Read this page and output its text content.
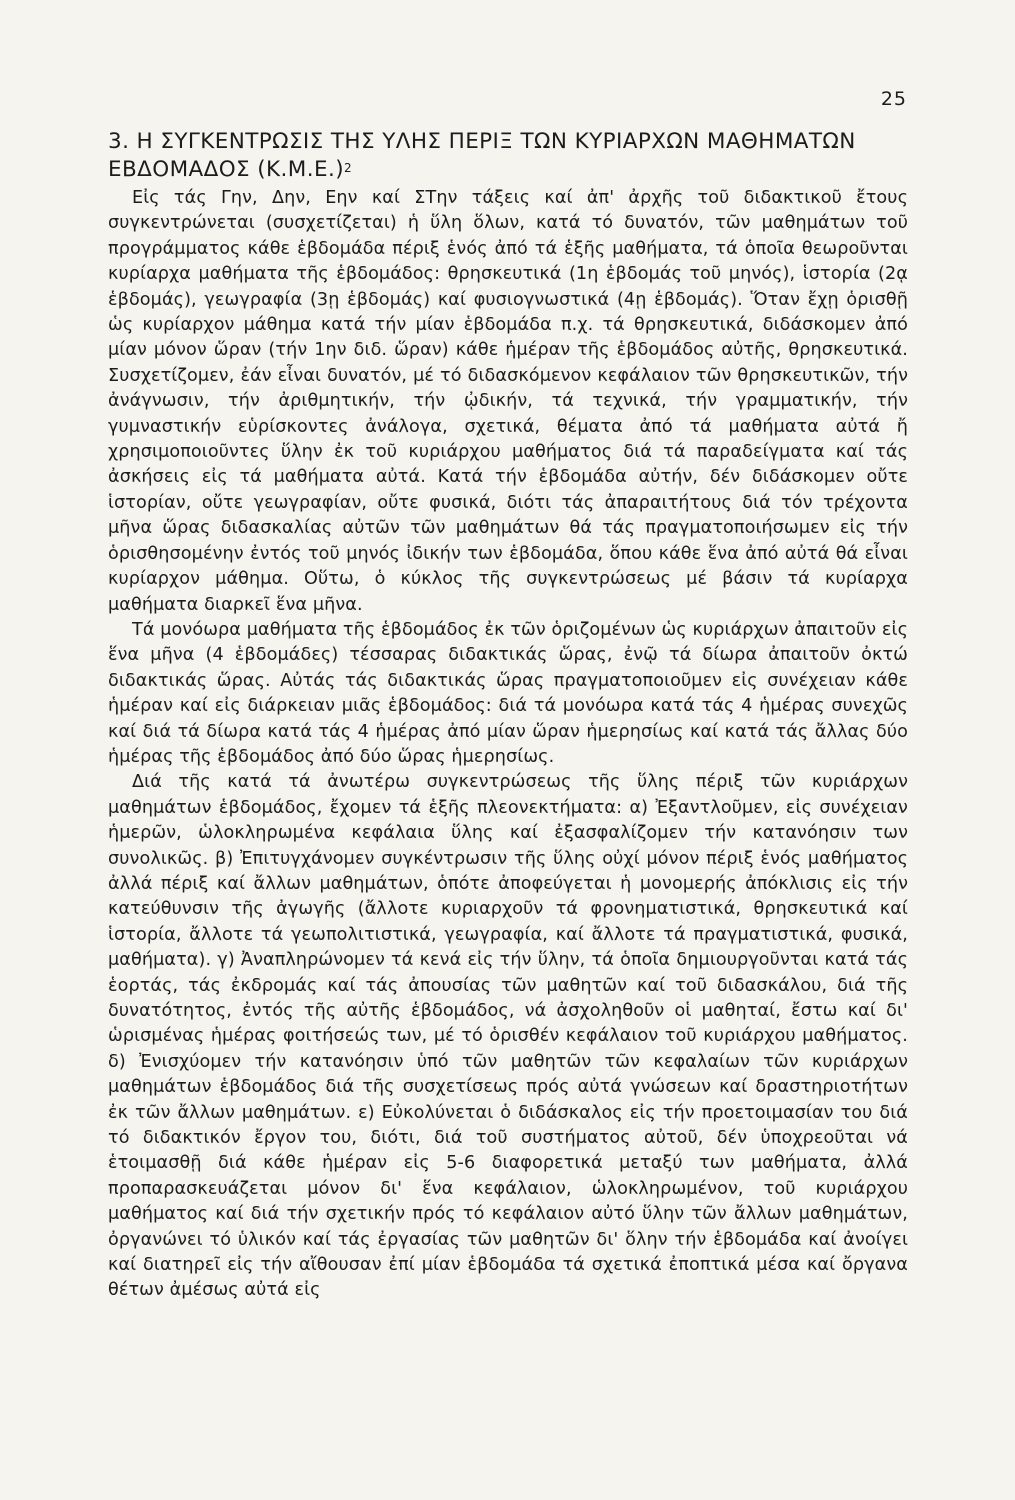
25
3. Η ΣΥΓΚΕΝΤΡΩΣΙΣ ΤΗΣ ΥΛΗΣ ΠΕΡΙΞ ΤΩΝ ΚΥΡΙΑΡΧΩΝ ΜΑΘΗΜΑΤΩΝ ΕΒΔΟΜΑΔΟΣ $(K.M.E.)^2$

Εἰς τάς Γην, Δην, Εην καί ΣΤην τάξεις καί ἀπ' ἀρχῆς τοῦ διδακτικοῦ ἔτους συγκεντρώνεται (συσχετίζεται) ἡ ὕλη ὅλων, κατά τό δυνατόν, τῶν μαθημάτων τοῦ προγράμματος κάθε ἑβδομάδα πέριξ ἑνός ἀπό τά ἑξῆς μαθήματα, τά ὁποῖα θεωροῦνται κυρίαρχα μαθήματα τῆς ἑβδομάδος: θρησκευτικά (1η ἑβδομάς τοῦ μηνός), ἱστορία (2ᾳ ἑβδομάς), γεωγραφία (3ῃ ἑβδομάς) καί φυσιογνωστικά (4ῃ ἑβδομάς). Ὅταν ἔχῃ ὁρισθῇ ὡς κυρίαρχον μάθημα κατά τήν μίαν ἑβδομάδα π.χ. τά θρησκευτικά, διδάσκομεν ἀπό μίαν μόνον ὥραν (τήν 1ην διδ. ὥραν) κάθε ἡμέραν τῆς ἑβδομάδος αὐτῆς, θρησκευτικά. Συσχετίζομεν, ἐάν εἶναι δυνατόν, μέ τό διδασκόμενον κεφάλαιον τῶν θρησκευτικῶν, τήν ἀνάγνωσιν, τήν ἀριθμητικήν, τήν ᾠδικήν, τά τεχνικά, τήν γραμματικήν, τήν γυμναστικήν εὑρίσκοντες ἀνάλογα, σχετικά, θέματα ἀπό τά μαθήματα αὐτά ἤ χρησιμοποιοῦντες ὕλην ἐκ τοῦ κυριάρχου μαθήματος διά τά παραδείγματα καί τάς ἀσκήσεις εἰς τά μαθήματα αὐτά. Κατά τήν ἑβδομάδα αὐτήν, δέν διδάσκομεν οὔτε ἱστορίαν, οὔτε γεωγραφίαν, οὔτε φυσικά, διότι τάς ἀπαραιτήτους διά τόν τρέχοντα μῆνα ὥρας διδασκαλίας αὐτῶν τῶν μαθημάτων θά τάς πραγματοποιήσωμεν εἰς τήν ὁρισθησομένην ἐντός τοῦ μηνός ἰδικήν των ἑβδομάδα, ὅπου κάθε ἕνα ἀπό αὐτά θά εἶναι κυρίαρχον μάθημα. Οὕτω, ὁ κύκλος τῆς συγκεντρώσεως μέ βάσιν τά κυρίαρχα μαθήματα διαρκεῖ ἕνα μῆνα.

Τά μονόωρα μαθήματα τῆς ἑβδομάδος ἐκ τῶν ὁριζομένων ὡς κυριάρχων ἀπαιτοῦν εἰς ἕνα μῆνα (4 ἑβδομάδες) τέσσαρας διδακτικάς ὥρας, ἐνῷ τά δίωρα ἀπαιτοῦν ὀκτώ διδακτικάς ὥρας. Αὐτάς τάς διδακτικάς ὥρας πραγματοποιοῦμεν εἰς συνέχειαν κάθε ἡμέραν καί εἰς διάρκειαν μιᾶς ἑβδομάδος: διά τά μονόωρα κατά τάς 4 ἡμέρας συνεχῶς καί διά τά δίωρα κατά τάς 4 ἡμέρας ἀπό μίαν ὥραν ἡμερησίως καί κατά τάς ἄλλας δύο ἡμέρας τῆς ἑβδομάδος ἀπό δύο ὥρας ἡμερησίως.

Διά τῆς κατά τά ἀνωτέρω συγκεντρώσεως τῆς ὕλης πέριξ τῶν κυριάρχων μαθημάτων ἑβδομάδος, ἔχομεν τά ἑξῆς πλεονεκτήματα: α) Ἐξαντλοῦμεν, εἰς συνέχειαν ἡμερῶν, ὡλοκληρωμένα κεφάλαια ὕλης καί ἐξασφαλίζομεν τήν κατανόησιν των συνολικῶς. β) Ἐπιτυγχάνομεν συγκέντρωσιν τῆς ὕλης οὐχί μόνον πέριξ ἑνός μαθήματος ἀλλά πέριξ καί ἄλλων μαθημάτων, ὁπότε ἀποφεύγεται ἡ μονομερής ἀπόκλισις εἰς τήν κατεύθυνσιν τῆς ἀγωγῆς (ἄλλοτε κυριαρχοῦν τά φρονηματιστικά, θρησκευτικά καί ἱστορία, ἄλλοτε τά γεωπολιτιστικά, γεωγραφία, καί ἄλλοτε τά πραγματιστικά, φυσικά, μαθήματα). γ) Ἀναπληρώνομεν τά κενά εἰς τήν ὕλην, τά ὁποῖα δημιουργοῦνται κατά τάς ἑορτάς, τάς ἐκδρομάς καί τάς ἀπουσίας τῶν μαθητῶν καί τοῦ διδασκάλου, διά τῆς δυνατότητος, ἐντός τῆς αὐτῆς ἑβδομάδος, νά ἀσχοληθοῦν οἱ μαθηταί, ἔστω καί δι' ὡρισμένας ἡμέρας φοιτήσεώς των, μέ τό ὁρισθέν κεφάλαιον τοῦ κυριάρχου μαθήματος. δ) Ἐνισχύομεν τήν κατανόησιν ὑπό τῶν μαθητῶν τῶν κεφαλαίων τῶν κυριάρχων μαθημάτων ἑβδομάδος διά τῆς συσχετίσεως πρός αὐτά γνώσεων καί δραστηριοτήτων ἐκ τῶν ἄλλων μαθημάτων. ε) Εὐκολύνεται ὁ διδάσκαλος εἰς τήν προετοιμασίαν του διά τό διδακτικόν ἔργον του, διότι, διά τοῦ συστήματος αὐτοῦ, δέν ὑποχρεοῦται νά ἑτοιμασθῇ διά κάθε ἡμέραν εἰς 5-6 διαφορετικά μεταξύ των μαθήματα, ἀλλά προπαρασκευάζεται μόνον δι' ἕνα κεφάλαιον, ὡλοκληρωμένον, τοῦ κυριάρχου μαθήματος καί διά τήν σχετικήν πρός τό κεφάλαιον αὐτό ὕλην τῶν ἄλλων μαθημάτων, ὀργανώνει τό ὑλικόν καί τάς ἐργασίας τῶν μαθητῶν δι' ὅλην τήν ἑβδομάδα καί ἀνοίγει καί διατηρεῖ εἰς τήν αἴθουσαν ἐπί μίαν ἑβδομάδα τά σχετικά ἐποπτικά μέσα καί ὄργανα θέτων ἀμέσως αὐτά εἰς
